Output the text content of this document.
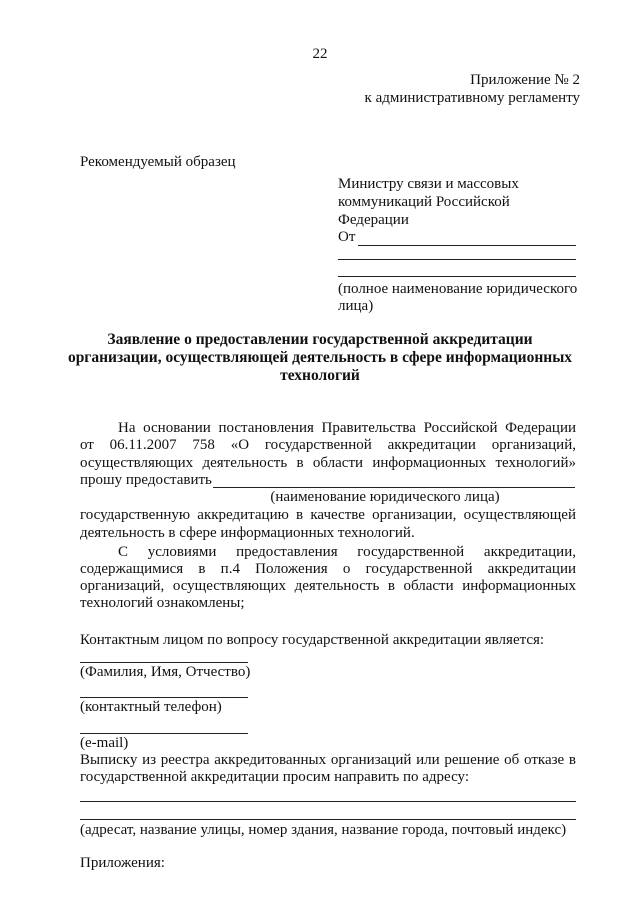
22
Приложение № 2
к административному регламенту
Рекомендуемый образец
Министру связи и массовых
коммуникаций Российской
Федерации
От
(полное наименование юридического
лица)
Заявление о предоставлении государственной аккредитации
организации, осуществляющей деятельность в сфере информационных
технологий
На основании постановления Правительства Российской Федерации
от 06.11.2007 758 «О государственной аккредитации организаций,
осуществляющих деятельность в области информационных технологий»
прошу предоставить
(наименование юридического лица)
государственную аккредитацию в качестве организации, осуществляющей
деятельность в сфере информационных технологий.
С условиями предоставления государственной аккредитации,
содержащимися в п.4 Положения о государственной аккредитации
организаций, осуществляющих деятельность в области информационных
технологий ознакомлены;
Контактным лицом по вопросу государственной аккредитации является:
(Фамилия, Имя, Отчество)
(контактный телефон)
(e-mail)
Выписку из реестра аккредитованных организаций или решение об отказе в
государственной аккредитации просим направить по адресу:
(адресат, название улицы, номер здания, название города, почтовый индекс)
Приложения:
